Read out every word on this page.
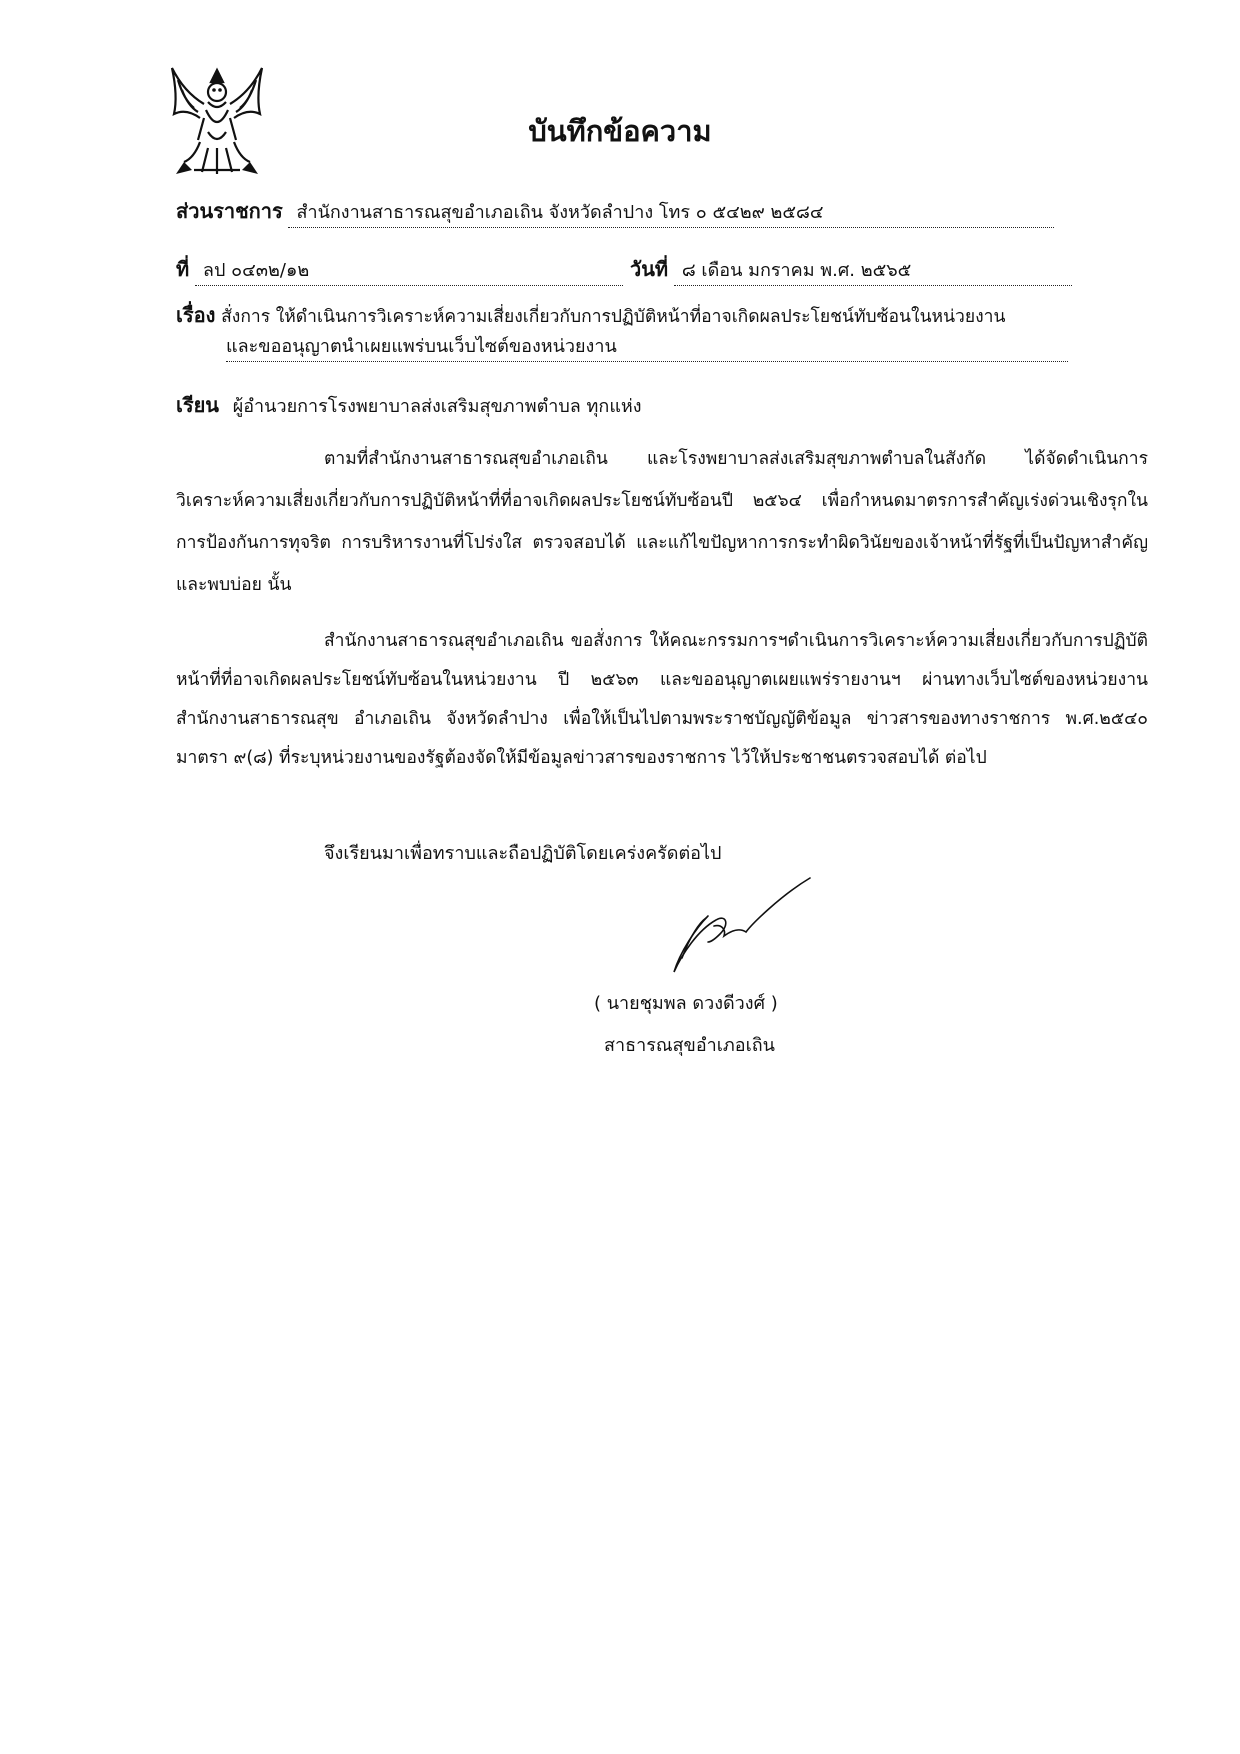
บันทึกข้อความ
ส่วนราชการ สำนักงานสาธารณสุขอำเภอเถิน จังหวัดลำปาง โทร ๐ ๕๔๒๙ ๒๕๘๔
ที่ ลป ๐๔๓๒/๑๒	วันที่ ๘ เดือน มกราคม พ.ศ. ๒๕๖๕
เรื่อง สั่งการ ให้ดำเนินการวิเคราะห์ความเสี่ยงเกี่ยวกับการปฏิบัติหน้าที่อาจเกิดผลประโยชน์ทับซ้อนในหน่วยงาน
และขออนุญาตนำเผยแพร่บนเว็บไซต์ของหน่วยงาน
เรียน ผู้อำนวยการโรงพยาบาลส่งเสริมสุขภาพตำบล ทุกแห่ง
ตามที่สำนักงานสาธารณสุขอำเภอเถิน และโรงพยาบาลส่งเสริมสุขภาพตำบลในสังกัด ได้จัดดำเนินการวิเคราะห์ความเสี่ยงเกี่ยวกับการปฏิบัติหน้าที่ที่อาจเกิดผลประโยชน์ทับซ้อนปี ๒๕๖๔ เพื่อกำหนดมาตรการสำคัญเร่งด่วนเชิงรุกในการป้องกันการทุจริต การบริหารงานที่โปร่งใส ตรวจสอบได้ และแก้ไขปัญหาการกระทำผิดวินัยของเจ้าหน้าที่รัฐที่เป็นปัญหาสำคัญและพบบ่อย นั้น
สำนักงานสาธารณสุขอำเภอเถิน ขอสั่งการ ให้คณะกรรมการฯดำเนินการวิเคราะห์ความเสี่ยงเกี่ยวกับการปฏิบัติหน้าที่ที่อาจเกิดผลประโยชน์ทับซ้อนในหน่วยงาน ปี ๒๕๖๓ และขออนุญาตเผยแพร่รายงานฯ ผ่านทางเว็บไซต์ของหน่วยงานสำนักงานสาธารณสุข อำเภอเถิน จังหวัดลำปาง เพื่อให้เป็นไปตามพระราชบัญญัติข้อมูล ข่าวสารของทางราชการ พ.ศ.๒๕๔๐ มาตรา ๙(๘) ที่ระบุหน่วยงานของรัฐต้องจัดให้มีข้อมูลข่าวสารของราชการ ไว้ให้ประชาชนตรวจสอบได้ ต่อไป
จึงเรียนมาเพื่อทราบและถือปฏิบัติโดยเคร่งครัดต่อไป
( นายชุมพล ดวงดีวงศ์ )
สาธารณสุขอำเภอเถิน
